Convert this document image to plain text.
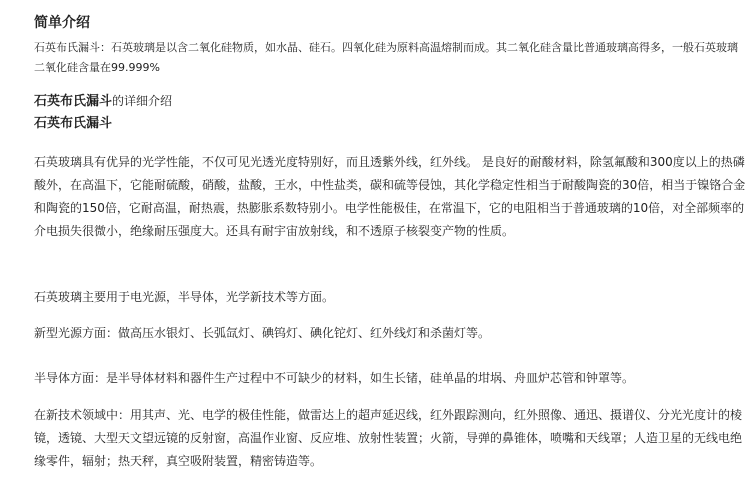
简单介绍
石英布氏漏斗：石英玻璃是以含二氧化硅物质，如水晶、硅石。四氧化硅为原料高温熔制而成。其二氧化硅含量比普通玻璃高得多，一般石英玻璃二氧化硅含量在99.999%
石英布氏漏斗的详细介绍
石英布氏漏斗

石英玻璃具有优异的光学性能，不仅可见光透光度特别好，而且透紫外线，红外线。 是良好的耐酸材料，除氢氟酸和300度以上的热磷酸外，在高温下，它能耐硫酸，硝酸，盐酸，王水，中性盐类，碳和硫等侵蚀，其化学稳定性相当于耐酸陶瓷的30倍，相当于镍铬合金和陶瓷的150倍，它耐高温，耐热震，热膨胀系数特别小。电学性能极佳，在常温下，它的电阻相当于普通玻璃的10倍，对全部频率的介电损失很微小，绝缘耐压强度大。还具有耐宇宙放射线，和不透原子核裂变产物的性质。

石英玻璃主要用于电光源，半导体，光学新技术等方面。

新型光源方面：做高压水银灯、长弧氙灯、碘钨灯、碘化铊灯、红外线灯和杀菌灯等。

半导体方面：是半导体材料和器件生产过程中不可缺少的材料，如生长锗，硅单晶的坩埚、舟皿炉芯管和钟罩等。

在新技术领域中：用其声、光、电学的极佳性能，做雷达上的超声延迟线，红外跟踪测向，红外照像、通迅、摄谱仪、分光光度计的棱镜，透镜、大型天文望远镜的反射窗，高温作业窗、反应堆、放射性装置；火箭，导弹的鼻锥体，喷嘴和天线罩；人造卫星的无线电绝缘零件，辐射；热天秤，真空吸附装置，精密铸造等。
